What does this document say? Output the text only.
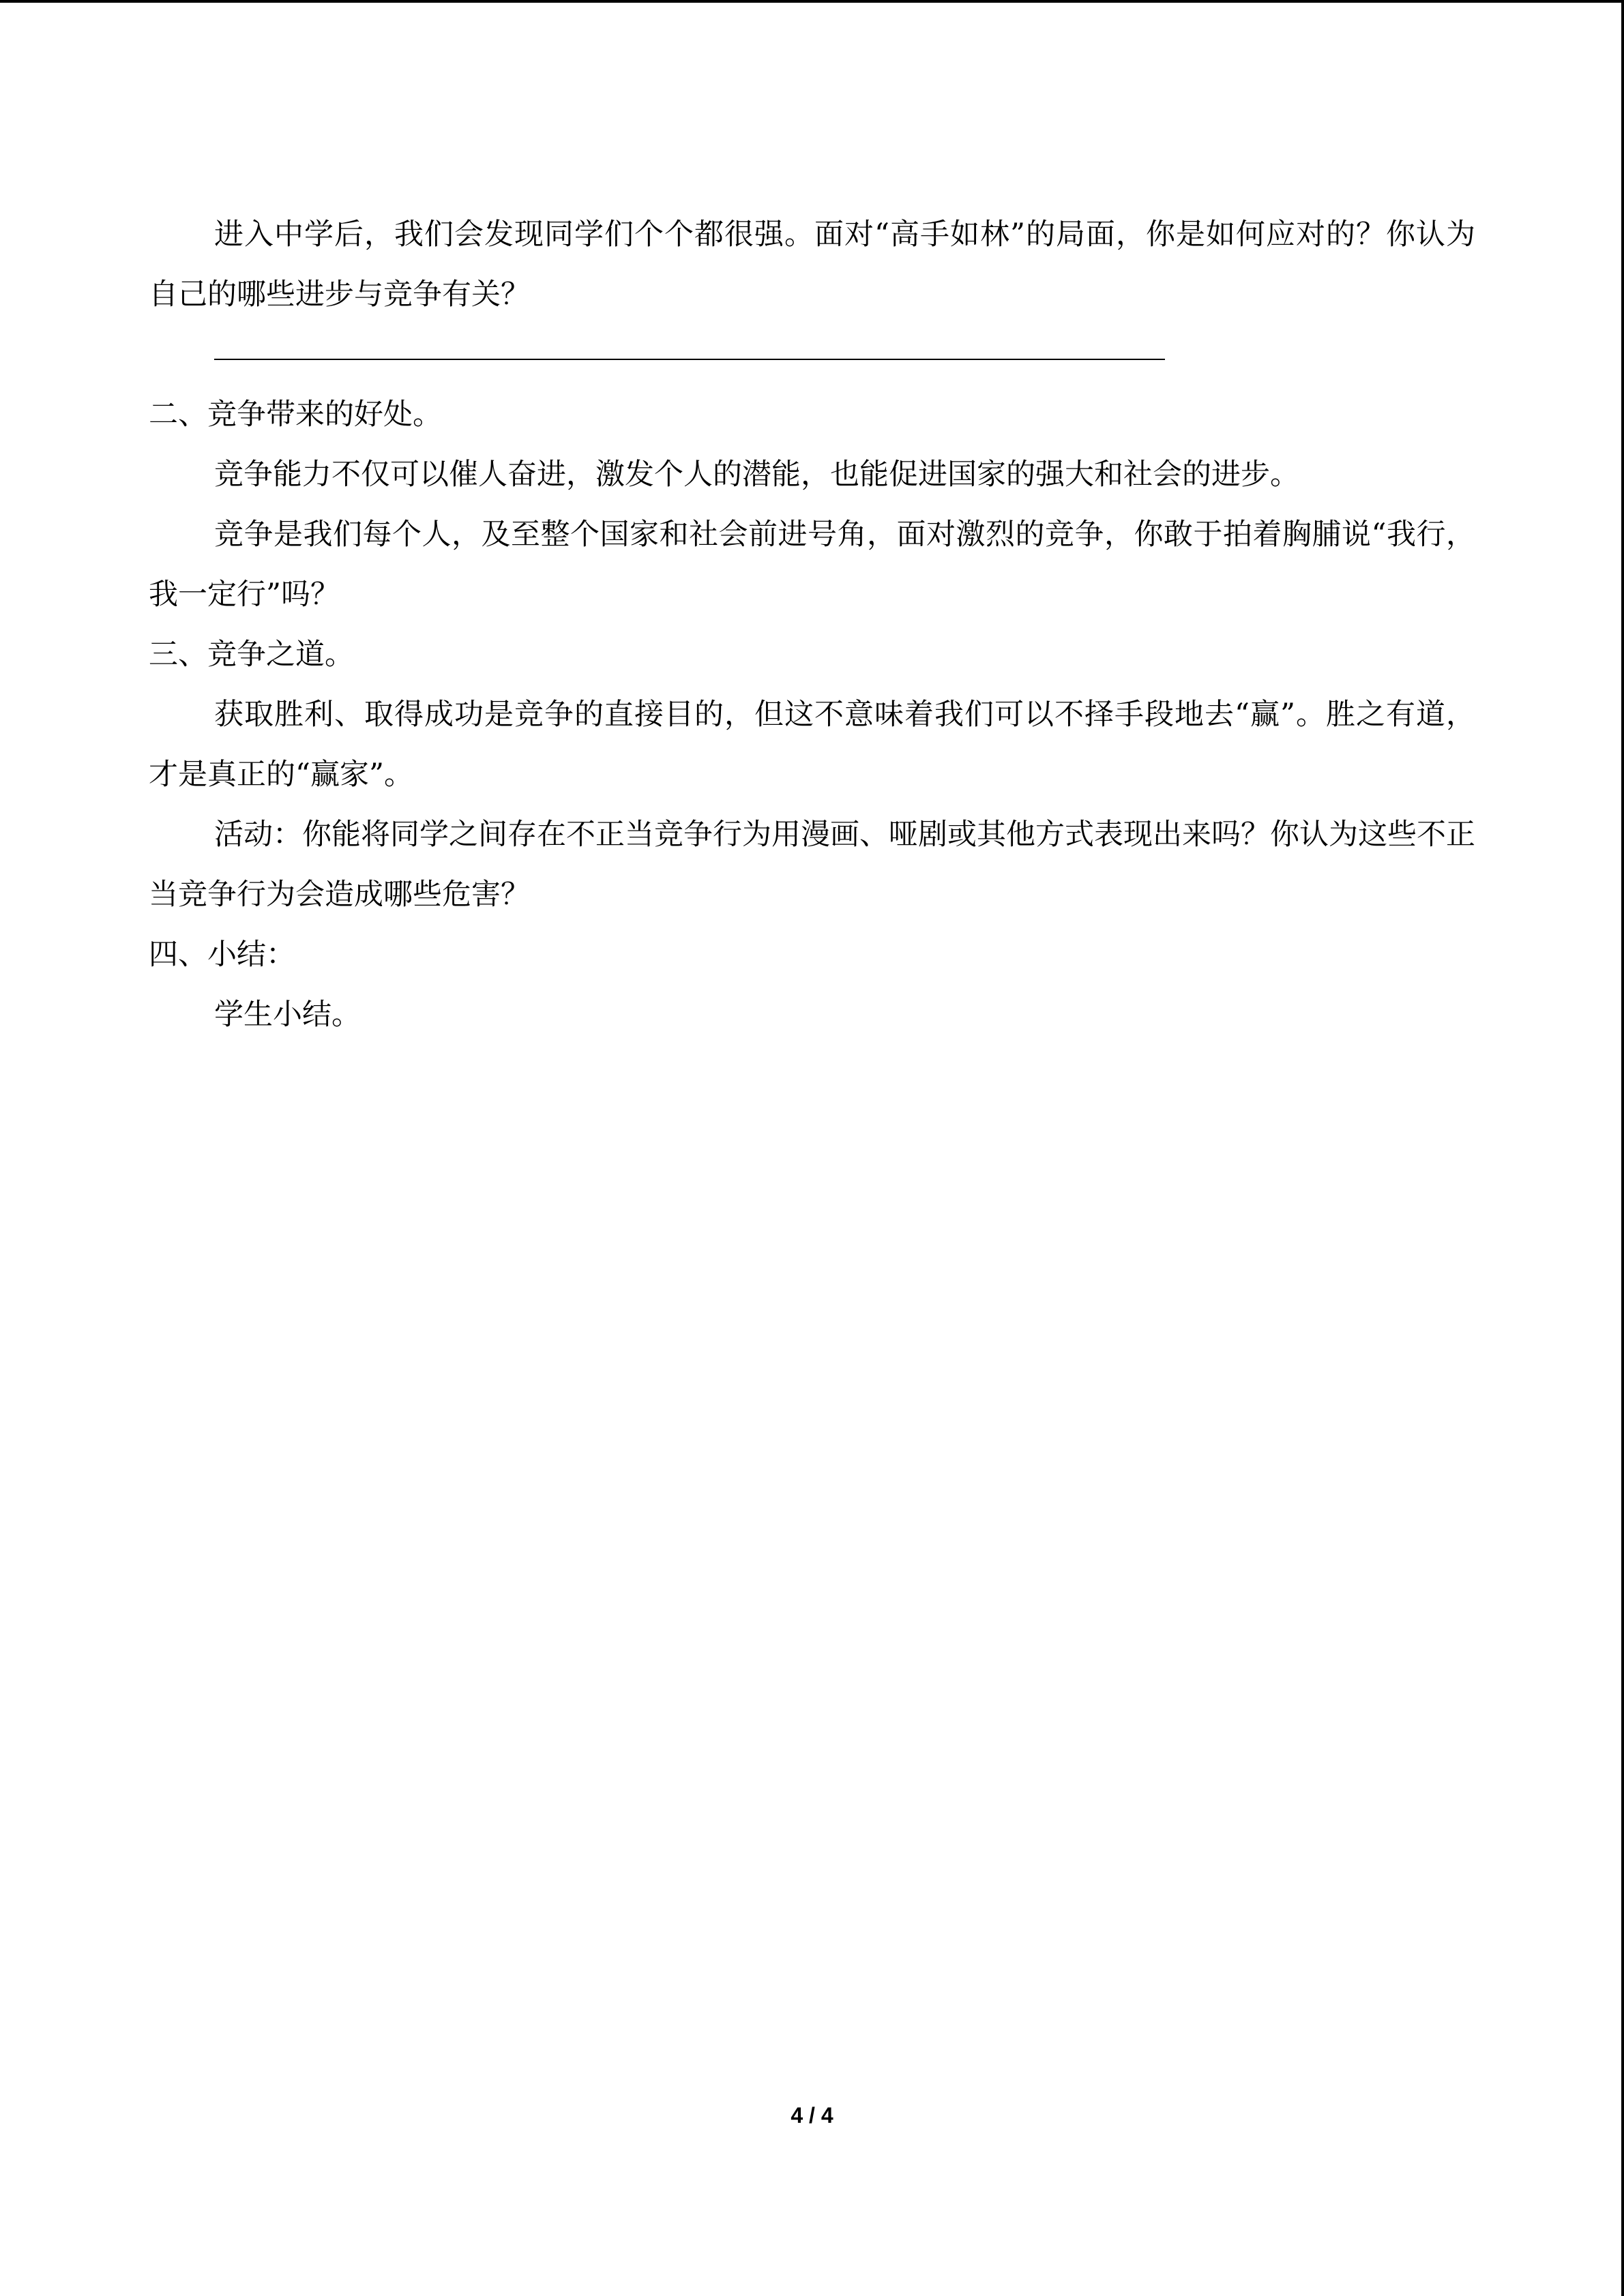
进入中学后，我们会发现同学们个个都很强。面对“高手如林”的局面，你是如何应对的？你认为自己的哪些进步与竞争有关？

二、竞争带来的好处。

竞争能力不仅可以催人奋进，激发个人的潜能，也能促进国家的强大和社会的进步。

竞争是我们每个人，及至整个国家和社会前进号角，面对激烈的竞争，你敢于拍着胸脯说“我行，我一定行”吗？

三、竞争之道。

获取胜利、取得成功是竞争的直接目的，但这不意味着我们可以不择手段地去“赢”。胜之有道，才是真正的“赢家”。

活动：你能将同学之间存在不正当竞争行为用漫画、哑剧或其他方式表现出来吗？你认为这些不正当竞争行为会造成哪些危害？

四、小结：

学生小结。

4 / 4
